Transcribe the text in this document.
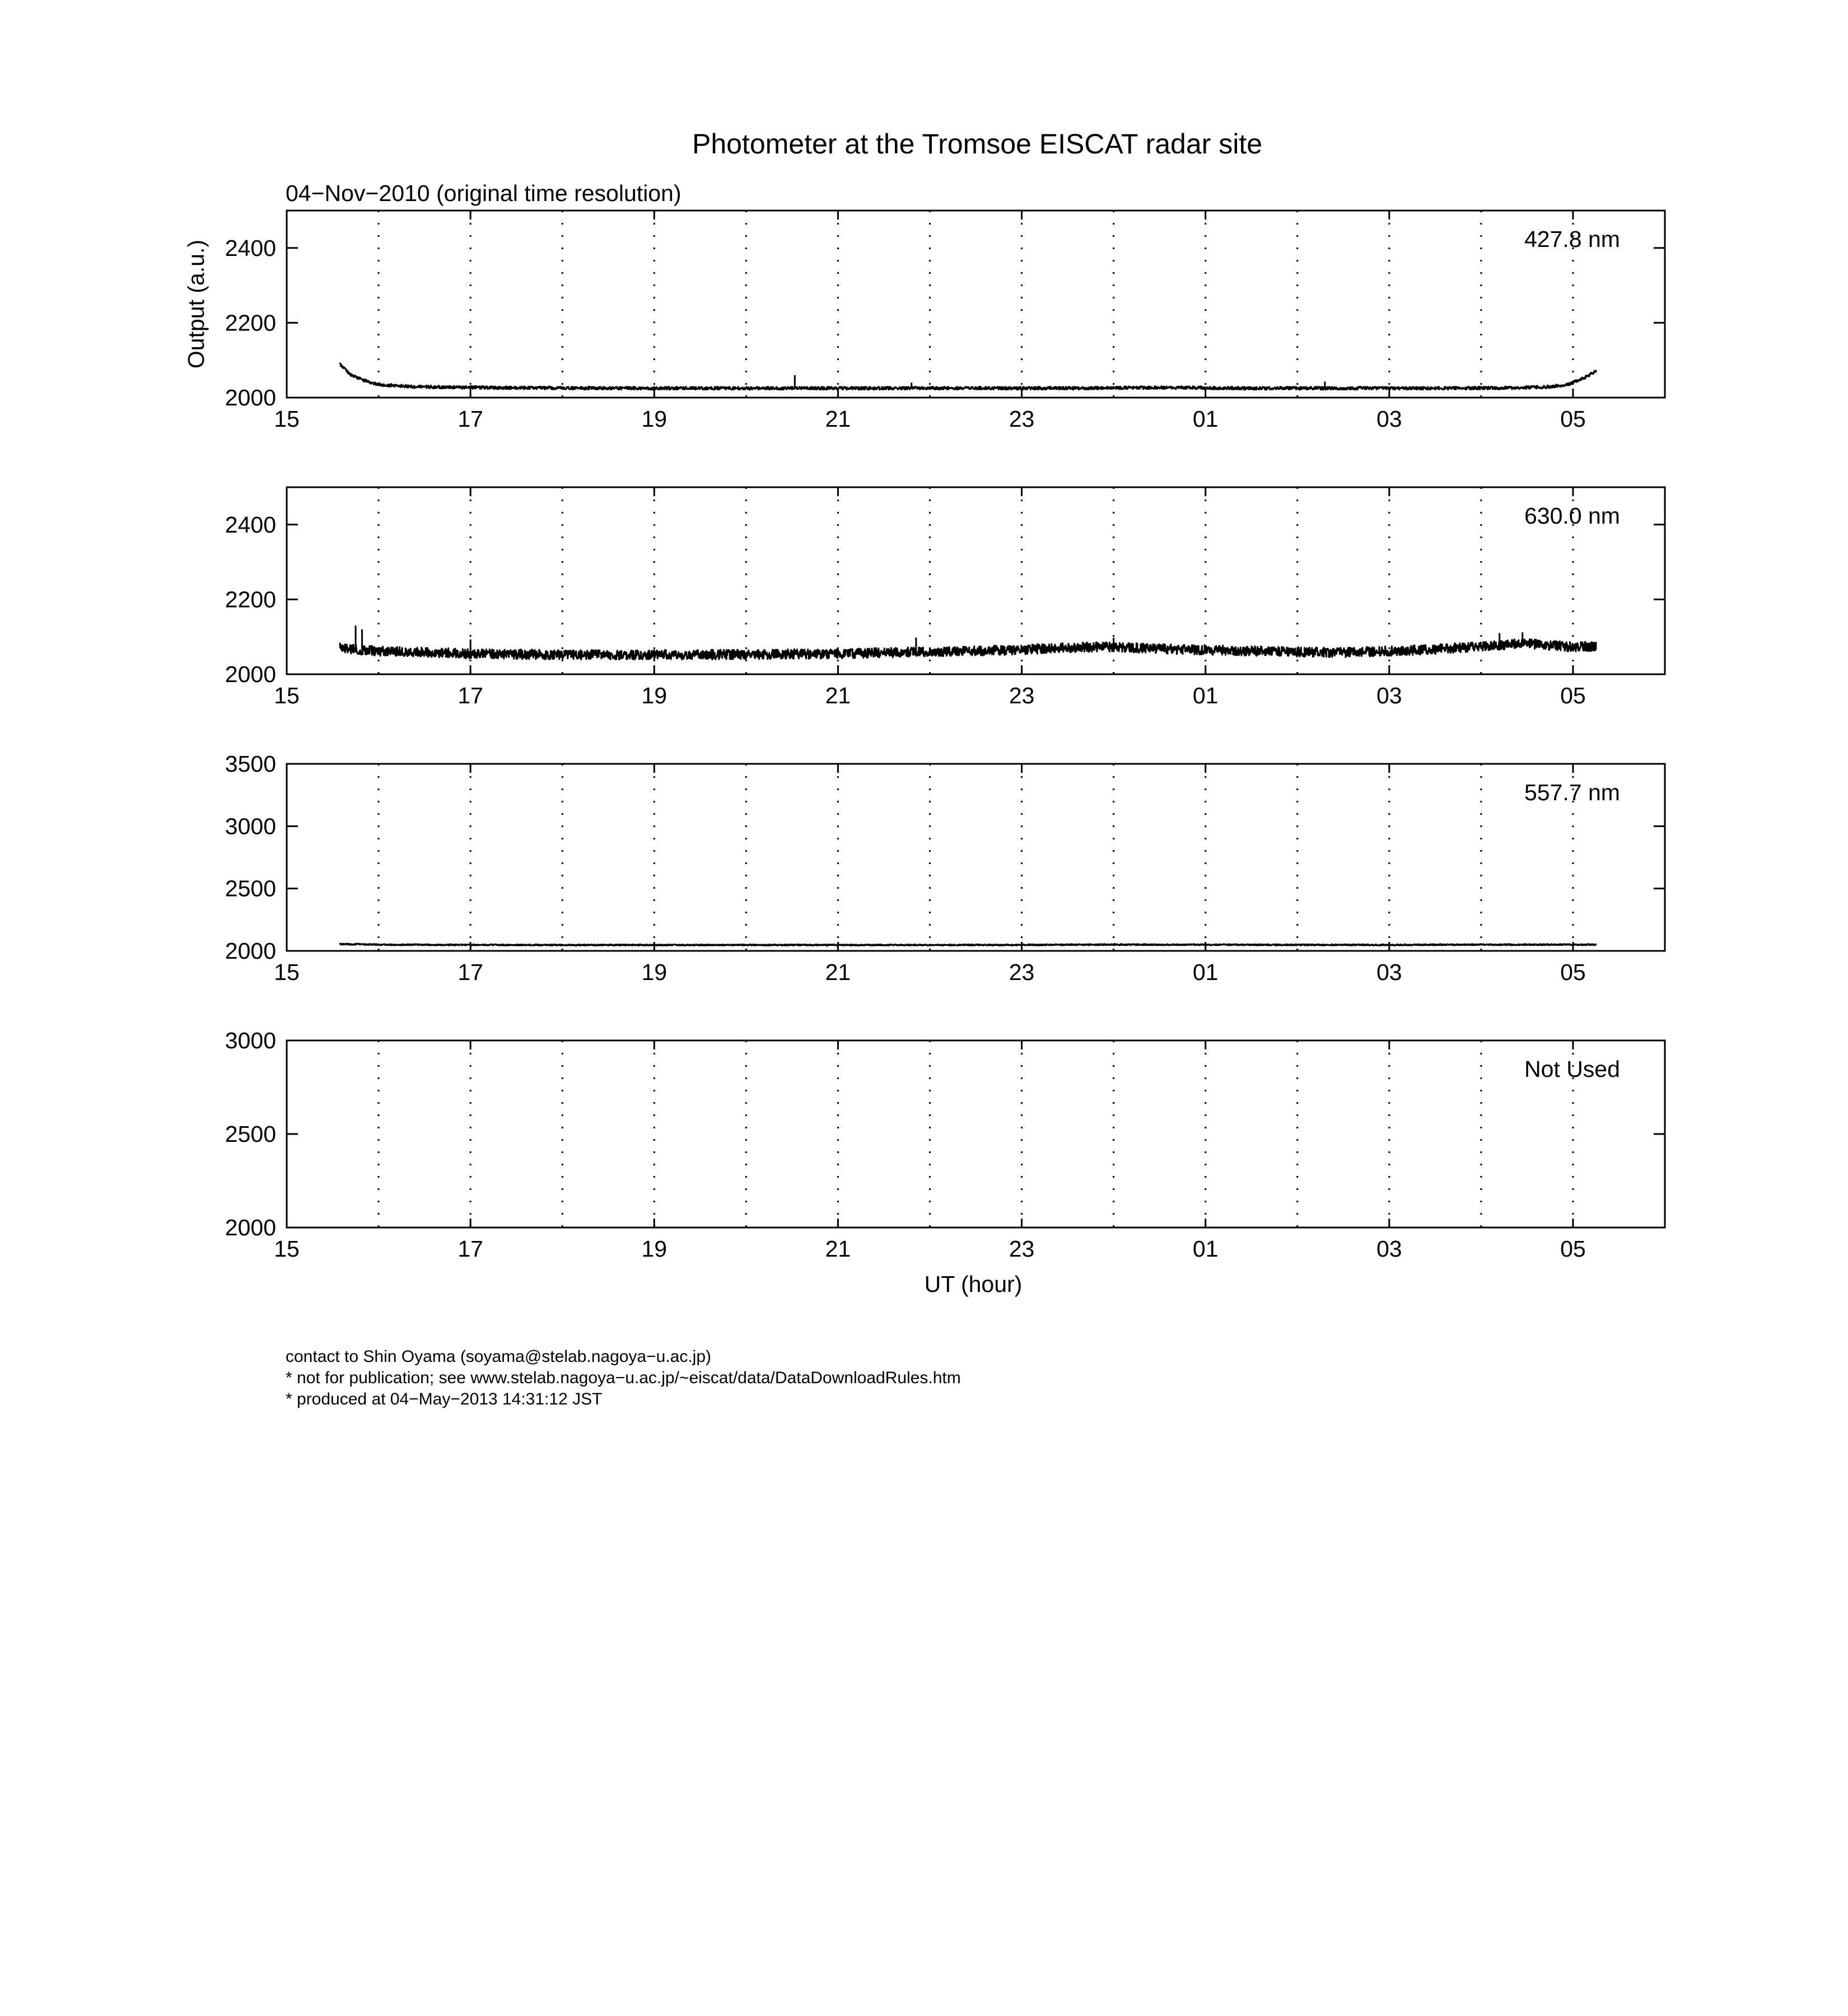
Photometer at the Tromsoe EISCAT radar site
04−Nov−2010 (original time resolution)
Output (a.u.)
UT (hour)
15	17	19	21	23	01	03	05
2000
2200
2400	427.8 nm
15	17	19	21	23	01	03	05
2000
2200
2400	630.0 nm
15	17	19	21	23	01	03	05
2000
2500
3000
3500
557.7 nm
15	17	19	21	23	01	03	05
2000
2500
3000
Not Used
contact to Shin Oyama (soyama@stelab.nagoya−u.ac.jp)
* not for publication; see www.stelab.nagoya−u.ac.jp/~eiscat/data/DataDownloadRules.htm
* produced at 04−May−2013 14:31:12 JST
